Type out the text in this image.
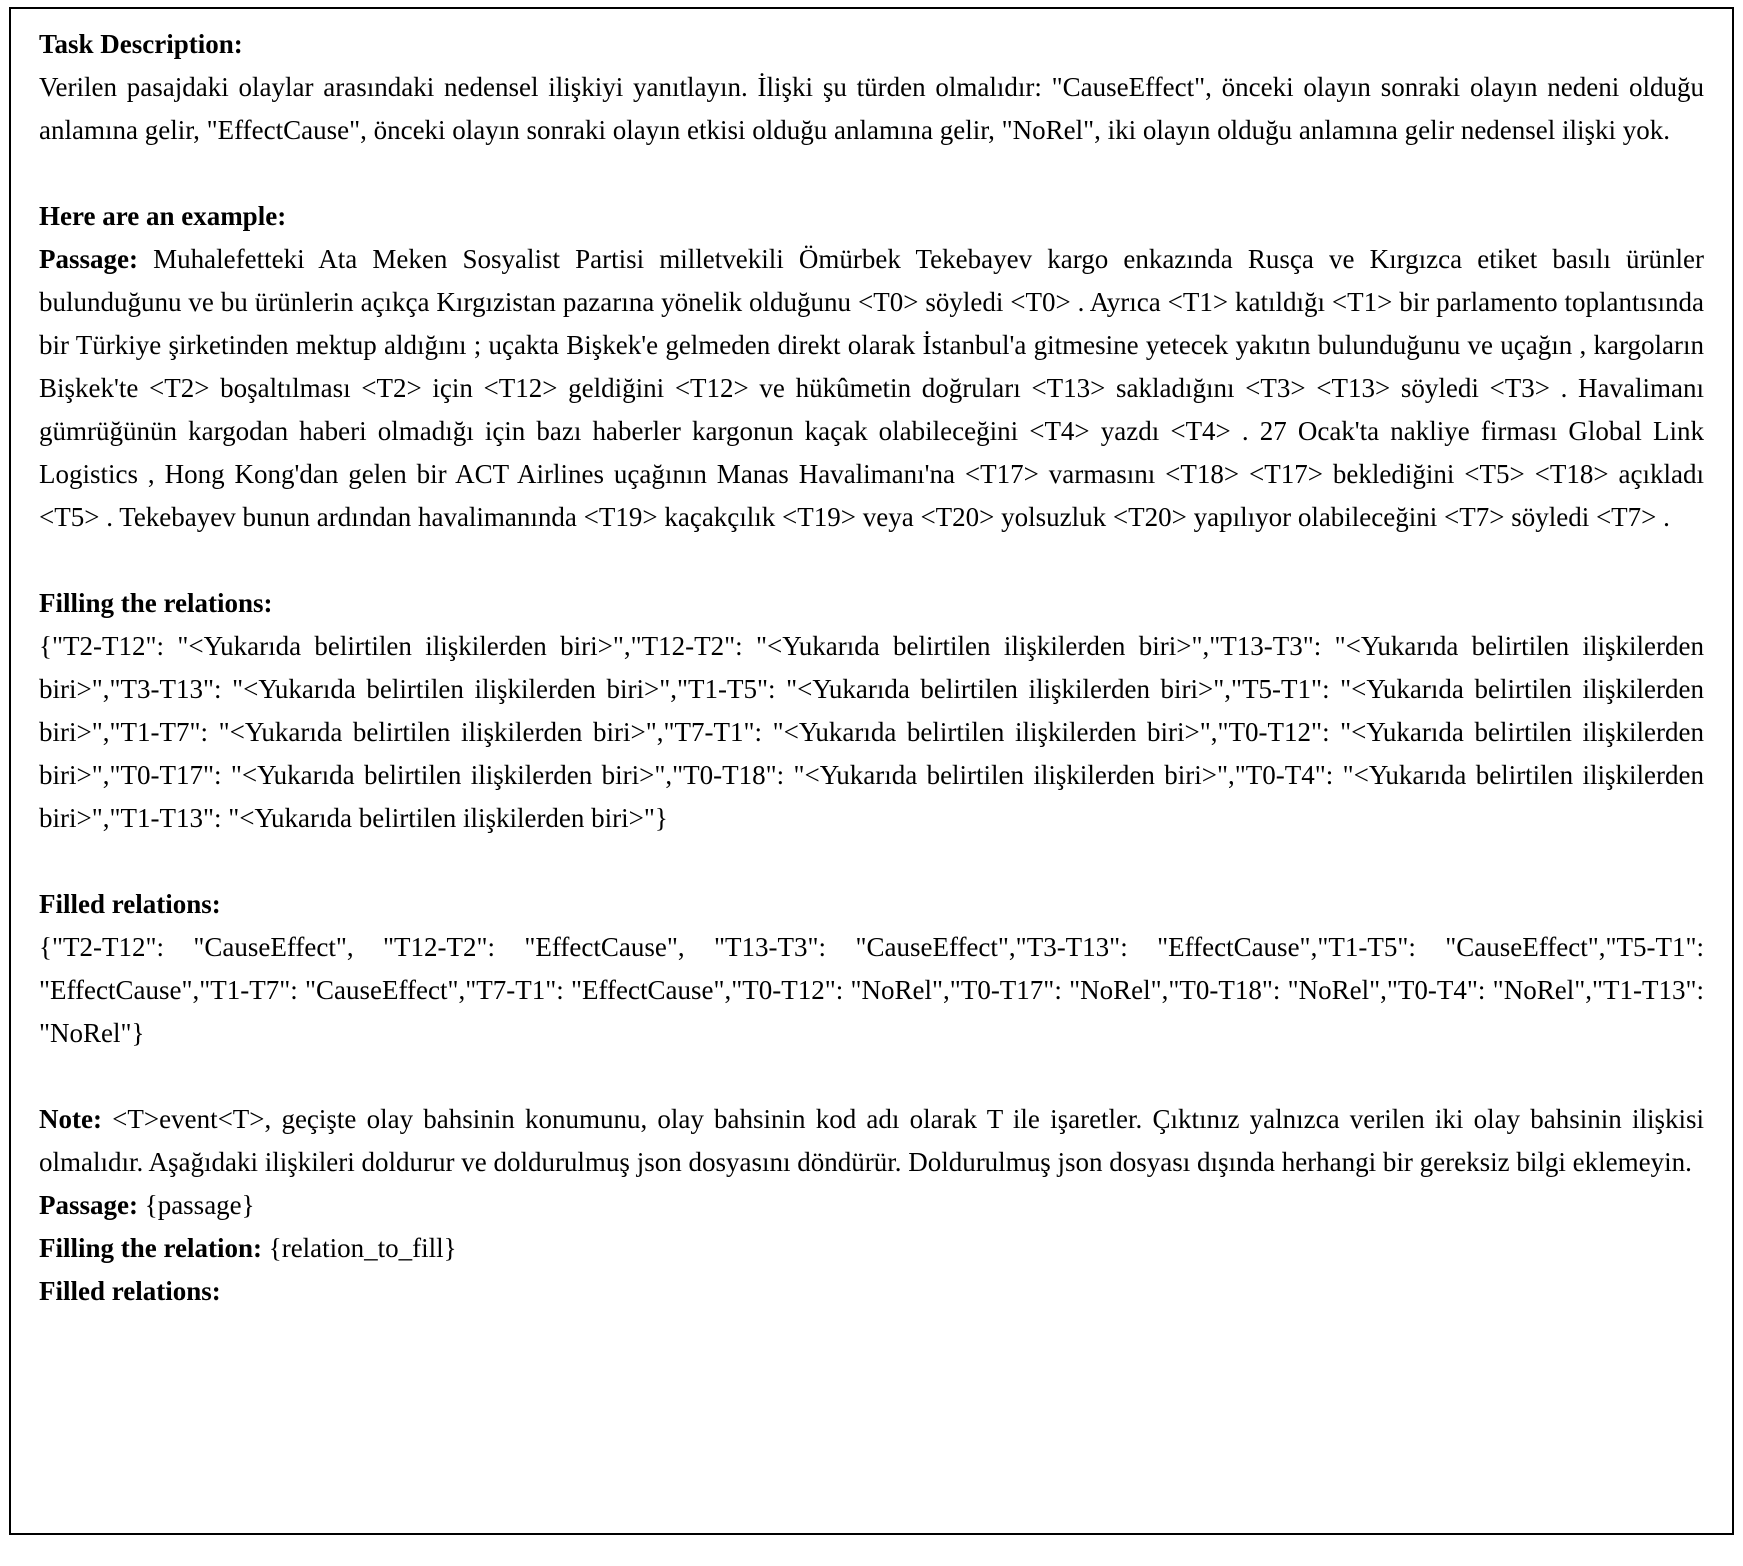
Task Description:

Verilen pasajdaki olaylar arasındaki nedensel ilişkiyi yanıtlayın. İlişki şu türden olmalıdır: "CauseEffect", önceki olayın sonraki olayın nedeni olduğu anlamına gelir, "EffectCause", önceki olayın sonraki olayın etkisi olduğu anlamına gelir, "NoRel", iki olayın olduğu anlamına gelir nedensel ilişki yok.

Here are an example:

Passage: Muhalefetteki Ata Meken Sosyalist Partisi milletvekili Ömürbek Tekebayev kargo enkazında Rusça ve Kırgızca etiket basılı ürünler bulunduğunu ve bu ürünlerin açıkça Kırgızistan pazarına yönelik olduğunu <T0> söyledi <T0> . Ayrıca <T1> katıldığı <T1> bir parlamento toplantısında bir Türkiye şirketinden mektup aldığını ; uçakta Bişkek'e gelmeden direkt olarak İstanbul'a gitmesine yetecek yakıtın bulunduğunu ve uçağın , kargoların Bişkek'te <T2> boşaltılması <T2> için <T12> geldiğini <T12> ve hükûmetin doğruları <T13> sakladığını <T3> <T13> söyledi <T3> . Havalimanı gümrüğünün kargodan haberi olmadığı için bazı haberler kargonun kaçak olabileceğini <T4> yazdı <T4> . 27 Ocak'ta nakliye firması Global Link Logistics , Hong Kong'dan gelen bir ACT Airlines uçağının Manas Havalimanı'na <T17> varmasını <T18> <T17> beklediğini <T5> <T18> açıkladı <T5> . Tekebayev bunun ardından havalimanında <T19> kaçakçılık <T19> veya <T20> yolsuzluk <T20> yapılıyor olabileceğini <T7> söyledi <T7> .

Filling the relations:

{"T2-T12": "<Yukarıda belirtilen ilişkilerden biri>","T12-T2": "<Yukarıda belirtilen ilişkilerden biri>","T13-T3": "<Yukarıda belirtilen ilişkilerden biri>","T3-T13": "<Yukarıda belirtilen ilişkilerden biri>","T1-T5": "<Yukarıda belirtilen ilişkilerden biri>","T5-T1": "<Yukarıda belirtilen ilişkilerden biri>","T1-T7": "<Yukarıda belirtilen ilişkilerden biri>","T7-T1": "<Yukarıda belirtilen ilişkilerden biri>","T0-T12": "<Yukarıda belirtilen ilişkilerden biri>","T0-T17": "<Yukarıda belirtilen ilişkilerden biri>","T0-T18": "<Yukarıda belirtilen ilişkilerden biri>","T0-T4": "<Yukarıda belirtilen ilişkilerden biri>","T1-T13": "<Yukarıda belirtilen ilişkilerden biri>"}

Filled relations:

{"T2-T12": "CauseEffect", "T12-T2": "EffectCause", "T13-T3": "CauseEffect","T3-T13": "EffectCause","T1-T5": "CauseEffect","T5-T1": "EffectCause","T1-T7": "CauseEffect","T7-T1": "EffectCause","T0-T12": "NoRel","T0-T17": "NoRel","T0-T18": "NoRel","T0-T4": "NoRel","T1-T13": "NoRel"}

Note: <T>event<T>, geçişte olay bahsinin konumunu, olay bahsinin kod adı olarak T ile işaretler. Çıktınız yalnızca verilen iki olay bahsinin ilişkisi olmalıdır. Aşağıdaki ilişkileri doldurur ve doldurulmuş json dosyasını döndürür. Doldurulmuş json dosyası dışında herhangi bir gereksiz bilgi eklemeyin.

Passage: {passage}

Filling the relation: {relation_to_fill}

Filled relations:
